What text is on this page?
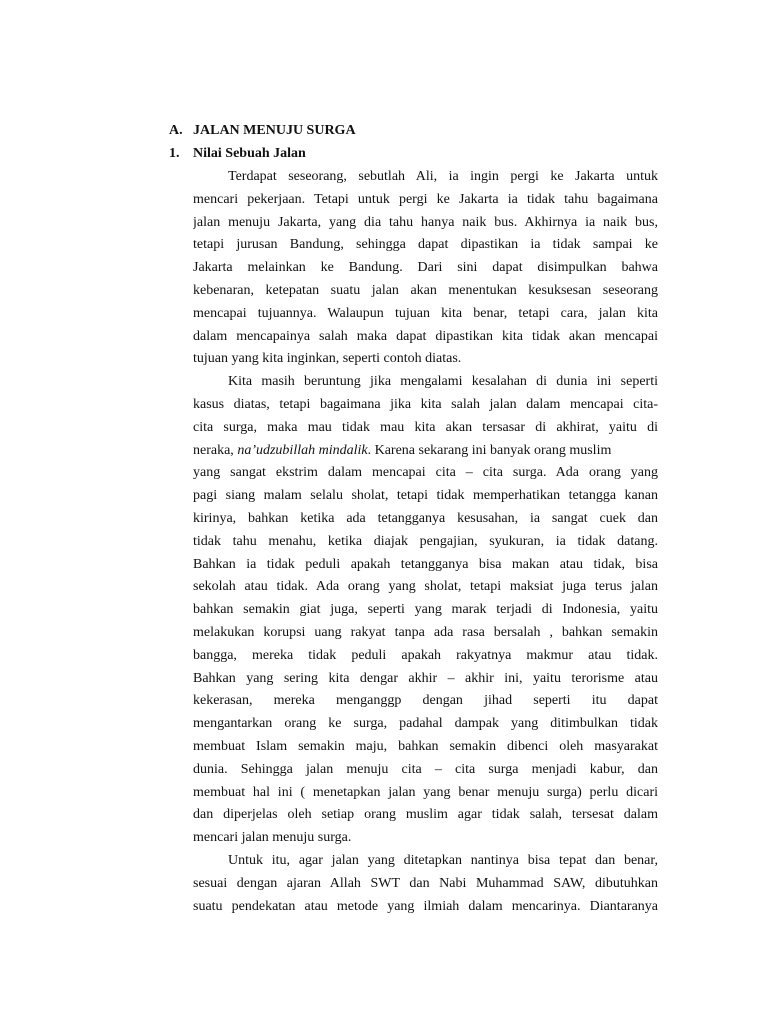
A. JALAN MENUJU SURGA
1. Nilai Sebuah Jalan
Terdapat seseorang, sebutlah Ali, ia ingin pergi ke Jakarta untuk
mencari pekerjaan. Tetapi untuk pergi ke Jakarta ia tidak tahu bagaimana
jalan menuju Jakarta, yang dia tahu hanya naik bus. Akhirnya ia naik bus,
tetapi jurusan Bandung, sehingga dapat dipastikan ia tidak sampai ke
Jakarta melainkan ke Bandung. Dari sini dapat disimpulkan bahwa
kebenaran, ketepatan suatu jalan akan menentukan kesuksesan seseorang
mencapai tujuannya. Walaupun tujuan kita benar, tetapi cara, jalan kita
dalam mencapainya salah maka dapat dipastikan kita tidak akan mencapai
tujuan yang kita inginkan, seperti contoh diatas.
Kita masih beruntung jika mengalami kesalahan di dunia ini seperti
kasus diatas, tetapi bagaimana jika kita salah jalan dalam mencapai cita-
cita surga, maka mau tidak mau kita akan tersasar di akhirat, yaitu di
neraka, na’udzubillah mindalik. Karena sekarang ini banyak orang muslim
yang sangat ekstrim dalam mencapai cita – cita surga. Ada orang yang
pagi siang malam selalu sholat, tetapi tidak memperhatikan tetangga kanan
kirinya, bahkan ketika ada tetangganya kesusahan, ia sangat cuek dan
tidak tahu menahu, ketika diajak pengajian, syukuran, ia tidak datang.
Bahkan ia tidak peduli apakah tetangganya bisa makan atau tidak, bisa
sekolah atau tidak. Ada orang yang sholat, tetapi maksiat juga terus jalan
bahkan semakin giat juga, seperti yang marak terjadi di Indonesia, yaitu
melakukan korupsi uang rakyat tanpa ada rasa bersalah , bahkan semakin
bangga, mereka tidak peduli apakah rakyatnya makmur atau tidak.
Bahkan yang sering kita dengar akhir – akhir ini, yaitu terorisme atau
kekerasan, mereka menganggp dengan jihad seperti itu dapat
mengantarkan orang ke surga, padahal dampak yang ditimbulkan tidak
membuat Islam semakin maju, bahkan semakin dibenci oleh masyarakat
dunia. Sehingga jalan menuju cita – cita surga menjadi kabur, dan
membuat hal ini ( menetapkan jalan yang benar menuju surga) perlu dicari
dan diperjelas oleh setiap orang muslim agar tidak salah, tersesat dalam
mencari jalan menuju surga.
Untuk itu, agar jalan yang ditetapkan nantinya bisa tepat dan benar,
sesuai dengan ajaran Allah SWT dan Nabi Muhammad SAW, dibutuhkan
suatu pendekatan atau metode yang ilmiah dalam mencarinya. Diantaranya
